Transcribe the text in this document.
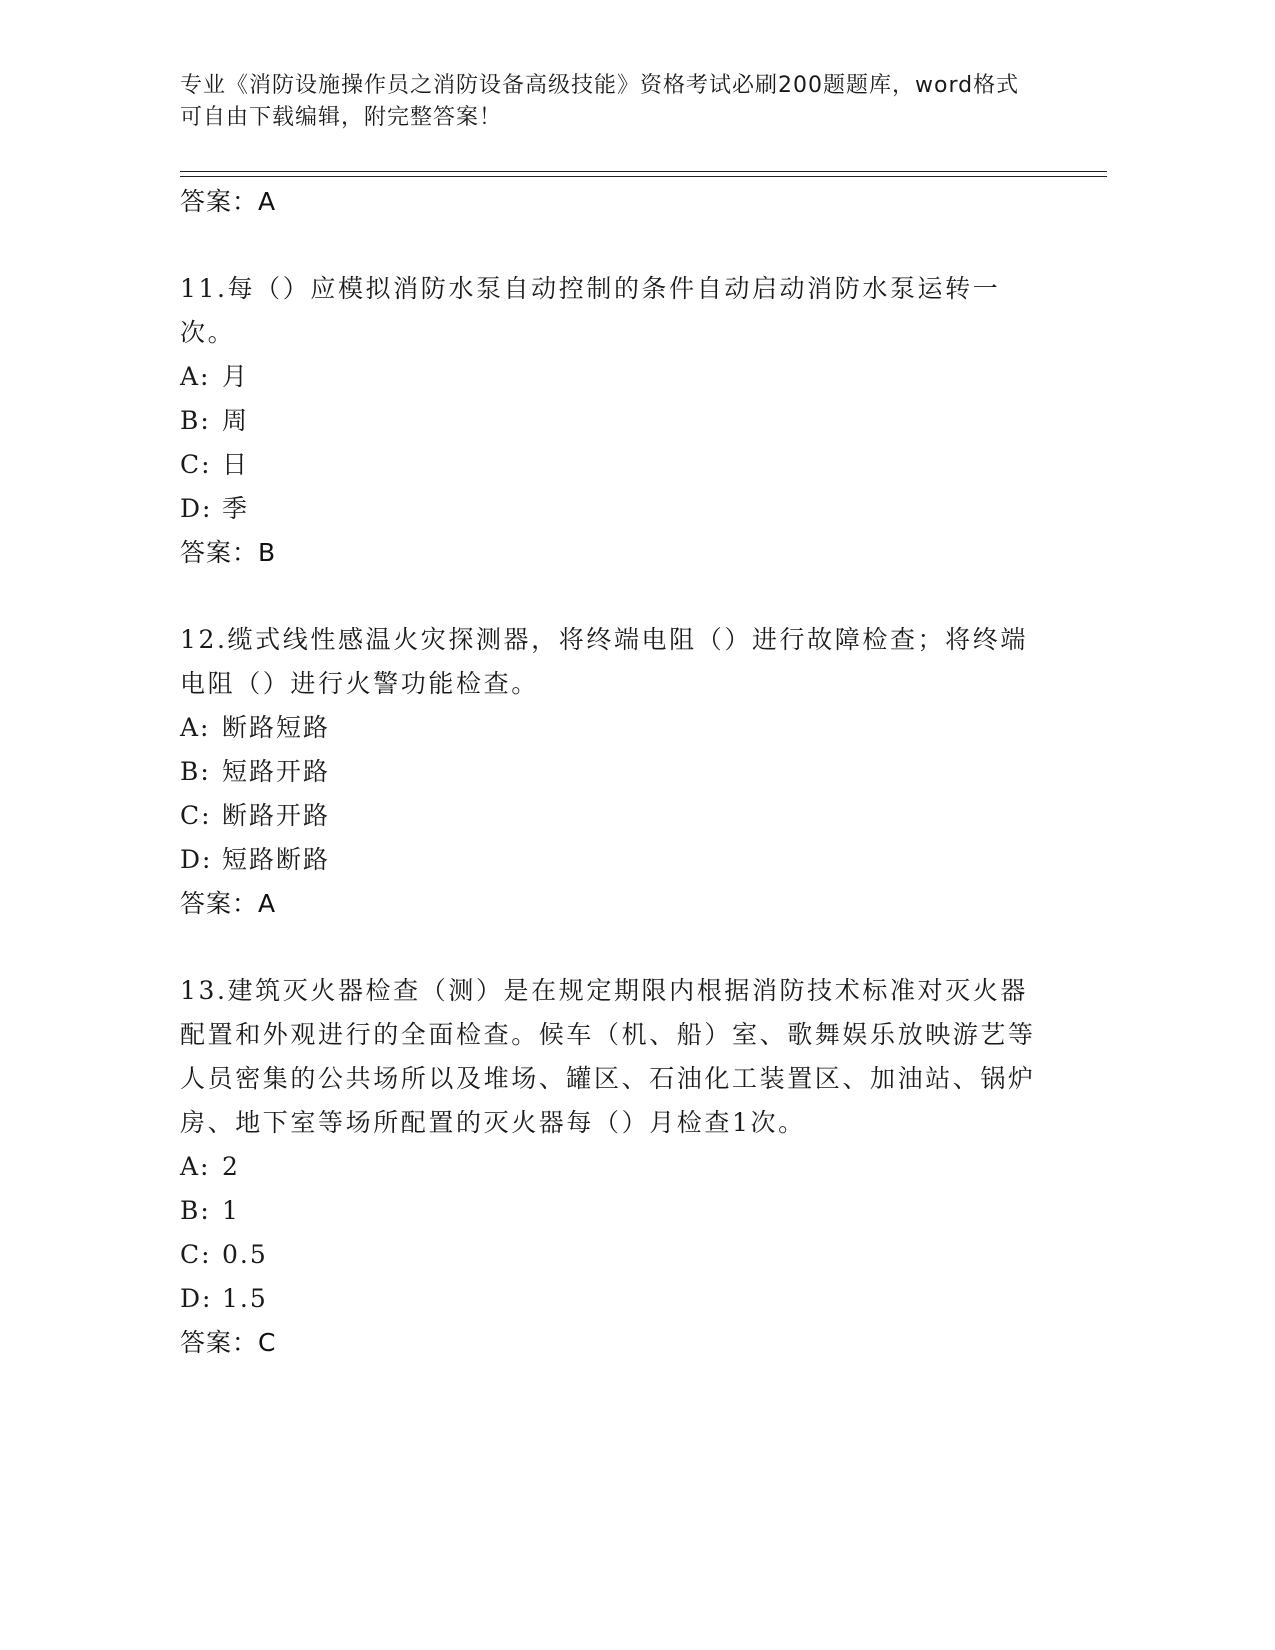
专业《消防设施操作员之消防设备高级技能》资格考试必刷200题题库，word格式可自由下载编辑，附完整答案！
答案：A
11.每（）应模拟消防水泵自动控制的条件自动启动消防水泵运转一次。
A: 月
B: 周
C: 日
D: 季
答案：B
12.缆式线性感温火灾探测器，将终端电阻（）进行故障检查；将终端电阻（）进行火警功能检查。
A: 断路短路
B: 短路开路
C: 断路开路
D: 短路断路
答案：A
13.建筑灭火器检查（测）是在规定期限内根据消防技术标准对灭火器配置和外观进行的全面检查。候车（机、船）室、歌舞娱乐放映游艺等人员密集的公共场所以及堆场、罐区、石油化工装置区、加油站、锅炉房、地下室等场所配置的灭火器每（）月检查1次。
A: 2
B: 1
C: 0.5
D: 1.5
答案：C
